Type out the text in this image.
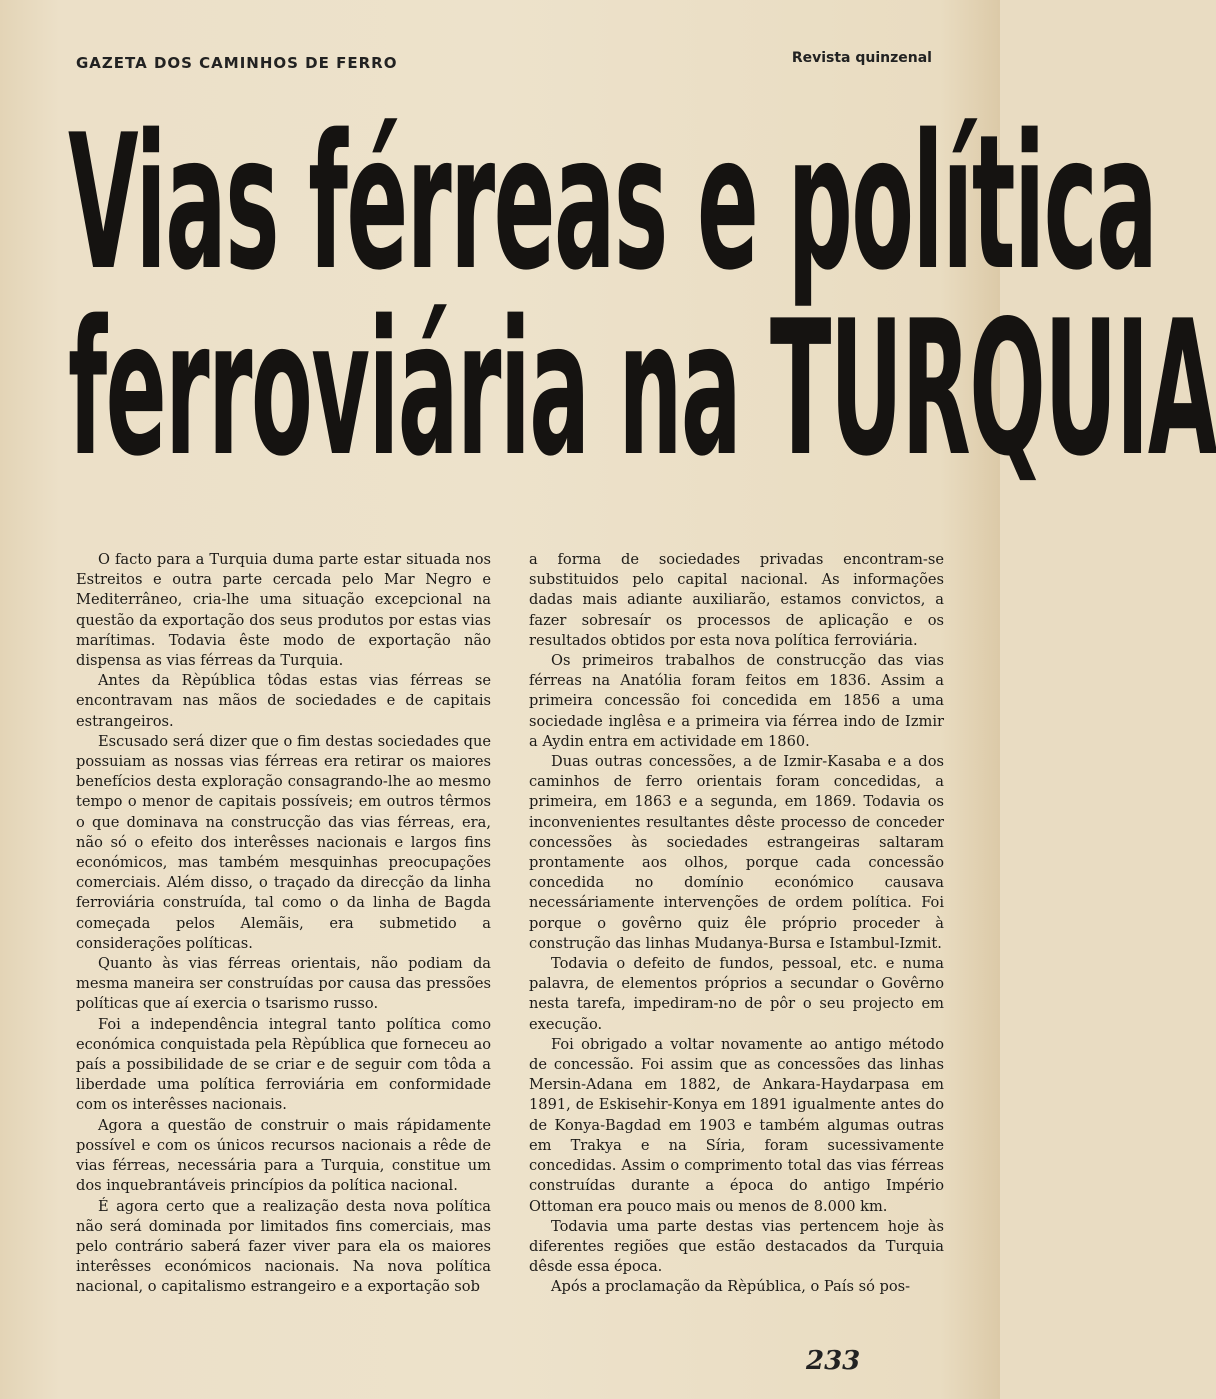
GAZETA DOS CAMINHOS DE FERRO	Revista quinzenal
Vias férreas e política
ferroviária na TURQUIA

O facto para a Turquia duma parte estar situada nos Estreitos e outra parte cercada pelo Mar Negro e Mediterrâneo, cria-lhe uma situação excepcional na questão da exportação dos seus produtos por estas vias marítimas. Todavia êste modo de exportação não dispensa as vias férreas da Turquia.

Antes da Rèpública tôdas estas vias férreas se encontravam nas mãos de sociedades e de capitais estrangeiros.

Escusado será dizer que o fim destas sociedades que possuiam as nossas vias férreas era retirar os maiores benefícios desta exploração consagrando-lhe ao mesmo tempo o menor de capitais possíveis; em outros têrmos o que dominava na construcção das vias férreas, era, não só o efeito dos interêsses nacionais e largos fins económicos, mas também mesquinhas preocupações comerciais. Além disso, o traçado da direcção da linha ferroviária construída, tal como o da linha de Bagda começada pelos Alemãis, era submetido a considerações políticas.

Quanto às vias férreas orientais, não podiam da mesma maneira ser construídas por causa das pressões políticas que aí exercia o tsarismo russo.

Foi a independência integral tanto política como económica conquistada pela Rèpública que forneceu ao país a possibilidade de se criar e de seguir com tôda a liberdade uma política ferroviária em conformidade com os interêsses nacionais.

Agora a questão de construir o mais rápidamente possível e com os únicos recursos nacionais a rêde de vias férreas, necessária para a Turquia, constitue um dos inquebrantáveis princípios da política nacional.

É agora certo que a realização desta nova política não será dominada por limitados fins comerciais, mas pelo contrário saberá fazer viver para ela os maiores interêsses económicos nacionais. Na nova política nacional, o capitalismo estrangeiro e a exportação sob

a forma de sociedades privadas encontram-se substituidos pelo capital nacional. As informações dadas mais adiante auxiliarão, estamos convictos, a fazer sobresaír os processos de aplicação e os resultados obtidos por esta nova política ferroviária.

Os primeiros trabalhos de construcção das vias férreas na Anatólia foram feitos em 1836. Assim a primeira concessão foi concedida em 1856 a uma sociedade inglêsa e a primeira via férrea indo de Izmir a Aydin entra em actividade em 1860.

Duas outras concessões, a de Izmir-Kasaba e a dos caminhos de ferro orientais foram concedidas, a primeira, em 1863 e a segunda, em 1869. Todavia os inconvenientes resultantes dêste processo de conceder concessões às sociedades estrangeiras saltaram prontamente aos olhos, porque cada concessão concedida no domínio económico causava necessáriamente intervenções de ordem política. Foi porque o govêrno quiz êle próprio proceder à construção das linhas Mudanya-Bursa e Istambul-Izmit.

Todavia o defeito de fundos, pessoal, etc. e numa palavra, de elementos próprios a secundar o Govêrno nesta tarefa, impediram-no de pôr o seu projecto em execução.

Foi obrigado a voltar novamente ao antigo método de concessão. Foi assim que as concessões das linhas Mersin-Adana em 1882, de Ankara-Haydarpasa em 1891, de Eskisehir-Konya em 1891 igualmente antes do de Konya-Bagdad em 1903 e também algumas outras em Trakya e na Síria, foram sucessivamente concedidas. Assim o comprimento total das vias férreas construídas durante a época do antigo Império Ottoman era pouco mais ou menos de 8.000 km.

Todavia uma parte destas vias pertencem hoje às diferentes regiões que estão destacados da Turquia dêsde essa época.

Após a proclamação da Rèpública, o País só pos-

233
